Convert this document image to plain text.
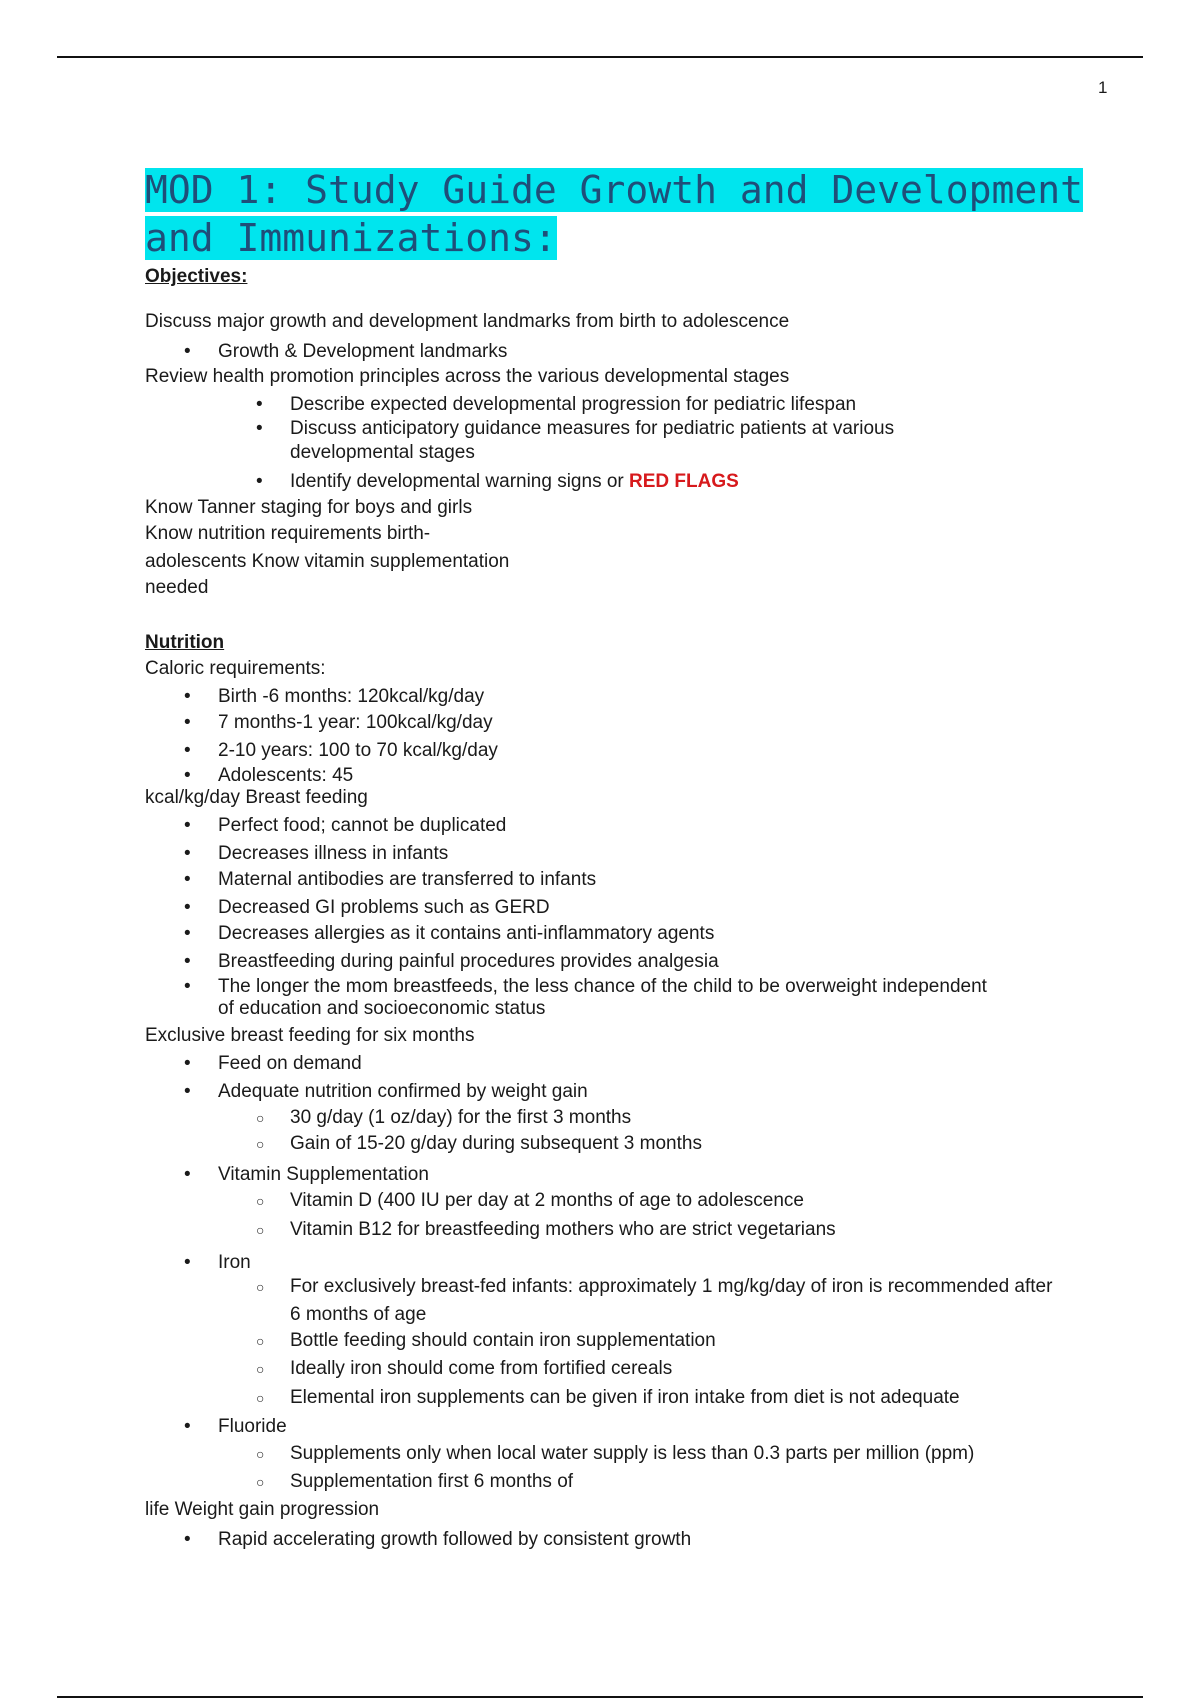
1
MOD 1: Study Guide Growth and Development
and Immunizations:
Objectives:
Discuss major growth and development landmarks from birth to adolescence
• Growth & Development landmarks
Review health promotion principles across the various developmental stages
• Describe expected developmental progression for pediatric lifespan
• Discuss anticipatory guidance measures for pediatric patients at various
developmental stages
• Identify developmental warning signs or RED FLAGS
Know Tanner staging for boys and girls
Know nutrition requirements birth-
adolescents Know vitamin supplementation
needed
Nutrition
Caloric requirements:
• Birth -6 months: 120kcal/kg/day
• 7 months-1 year: 100kcal/kg/day
• 2-10 years: 100 to 70 kcal/kg/day
• Adolescents: 45
kcal/kg/day Breast feeding
• Perfect food; cannot be duplicated
• Decreases illness in infants
• Maternal antibodies are transferred to infants
• Decreased GI problems such as GERD
• Decreases allergies as it contains anti-inflammatory agents
• Breastfeeding during painful procedures provides analgesia
• The longer the mom breastfeeds, the less chance of the child to be overweight independent
of education and socioeconomic status
Exclusive breast feeding for six months
• Feed on demand
• Adequate nutrition confirmed by weight gain
○ 30 g/day (1 oz/day) for the first 3 months
○ Gain of 15-20 g/day during subsequent 3 months
• Vitamin Supplementation
○ Vitamin D (400 IU per day at 2 months of age to adolescence
○ Vitamin B12 for breastfeeding mothers who are strict vegetarians
• Iron
○ For exclusively breast-fed infants: approximately 1 mg/kg/day of iron is recommended after
6 months of age
○ Bottle feeding should contain iron supplementation
○ Ideally iron should come from fortified cereals
○ Elemental iron supplements can be given if iron intake from diet is not adequate
• Fluoride
○ Supplements only when local water supply is less than 0.3 parts per million (ppm)
○ Supplementation first 6 months of
life Weight gain progression
• Rapid accelerating growth followed by consistent growth
